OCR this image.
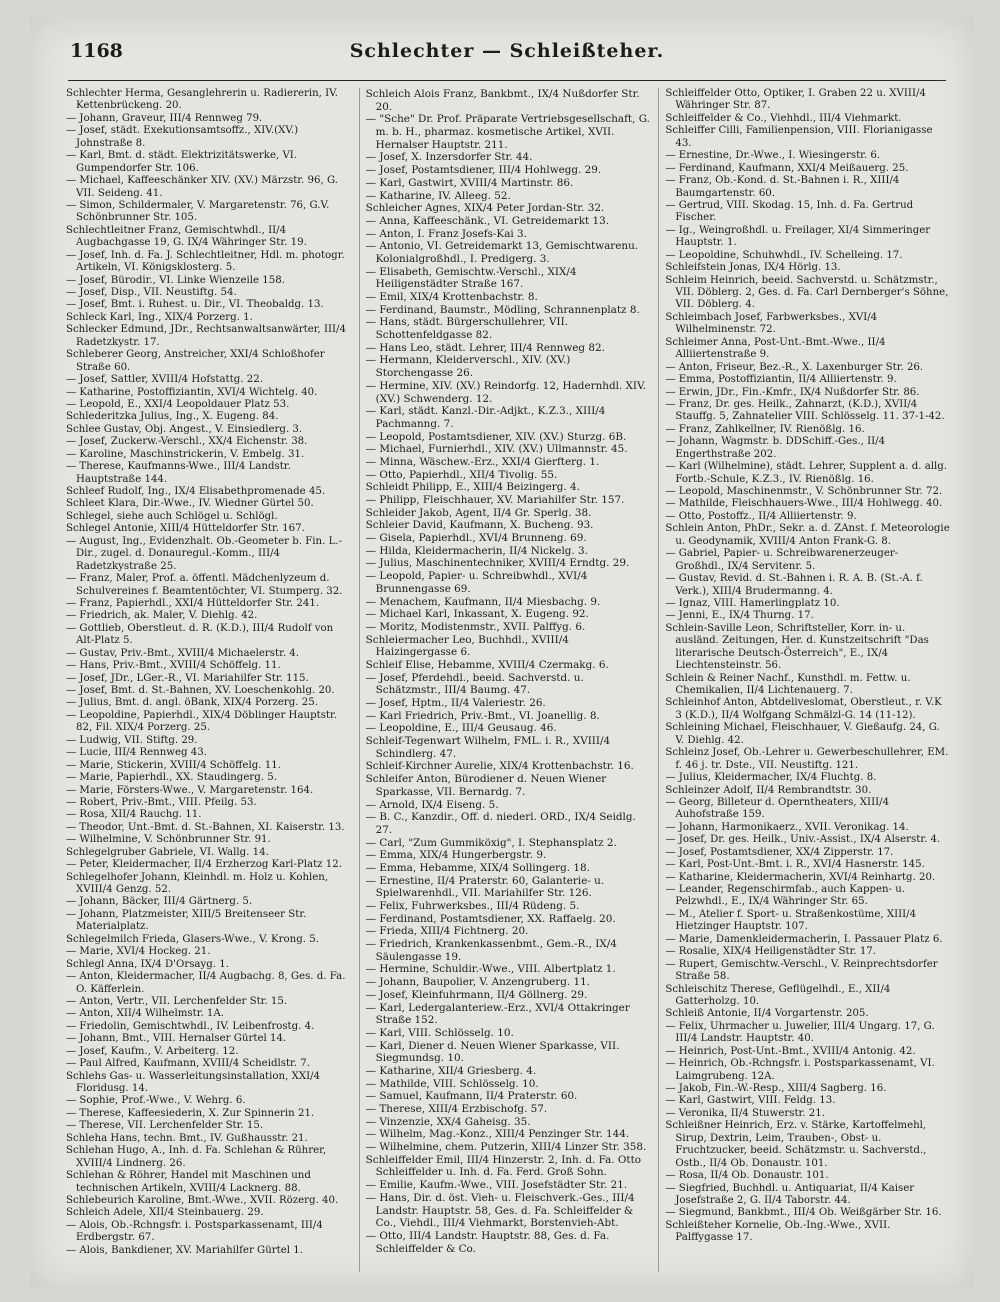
1168	Schlechter — Schleißteher.
Schlechter Herma, Gesanglehrerin u. Radiererin, IV. Kettenbrückeng. 20.
— Johann, Graveur, III/4 Rennweg 79.
— Josef, städt. Exekutionsamtsoffz., XIV.(XV.) Johnstraße 8.
— Karl, Bmt. d. städt. Elektrizitätswerke, VI. Gumpendorfer Str. 106.
— Michael, Kaffeeschänker XIV. (XV.) Märzstr. 96, G. VII. Seideng. 41.
— Simon, Schildermaler, V. Margaretenstr. 76, G.V. Schönbrunner Str. 105.
Schlechtleitner Franz, Gemischtwhdl., II/4 Augbachgasse 19, G. IX/4 Währinger Str. 19.
— Josef, Inh. d. Fa. J. Schlechtleitner, Hdl. m. photogr. Artikeln, VI. Königsklosterg. 5.
— Josef, Bürodir., VI. Linke Wienzeile 158.
— Josef, Disp., VII. Neustiftg. 54.
— Josef, Bmt. i. Ruhest. u. Dir., VI. Theobaldg. 13.
Schleck Karl, Ing., XIX/4 Porzerg. 1.
Schlecker Edmund, JDr., Rechtsanwaltsanwärter, III/4 Radetzkystr. 17.
Schleberer Georg, Anstreicher, XXI/4 Schloßhofer Straße 60.
— Josef, Sattler, XVIII/4 Hofstattg. 22.
— Katharine, Postoffiziantin, XVI/4 Wichtelg. 40.
— Leopold, E., XXI/4 Leopoldauer Platz 53.
Schlederitzka Julius, Ing., X. Eugeng. 84.
Schlee Gustav, Obj. Angest., V. Einsiedlerg. 3.
— Josef, Zuckerw.-Verschl., XX/4 Eichenstr. 38.
— Karoline, Maschinstrickerin, V. Embelg. 31.
— Therese, Kaufmanns-Wwe., III/4 Landstr. Hauptstraße 144.
Schleef Rudolf, Ing., IX/4 Elisabethpromenade 45.
Schleet Klara, Dir.-Wwe., IV. Wiedner Gürtel 50.
Schlegel, siehe auch Schlögel u. Schlögl.
Schlegel Antonie, XIII/4 Hütteldorfer Str. 167.
— August, Ing., Evidenzhalt. Ob.-Geometer b. Fin. L.-Dir., zugel. d. Donauregul.-Komm., III/4 Radetzkystraße 25.
— Franz, Maler, Prof. a. öffentl. Mädchenlyzeum d. Schulvereines f. Beamtentöchter, VI. Stumperg. 32.
— Franz, Papierhdl., XXI/4 Hütteldorfer Str. 241.
— Friedrich, ak. Maler, V. Diehlg. 42.
— Gottlieb, Oberstleut. d. R. (K.D.), III/4 Rudolf von Alt-Platz 5.
— Gustav, Priv.-Bmt., XVIII/4 Michaelerstr. 4.
— Hans, Priv.-Bmt., XVIII/4 Schöffelg. 11.
— Josef, JDr., LGer.-R., VI. Mariahilfer Str. 115.
— Josef, Bmt. d. St.-Bahnen, XV. Loeschenkohlg. 20.
— Julius, Bmt. d. angl. öBank, XIX/4 Porzerg. 25.
— Leopoldine, Papierhdl., XIX/4 Döblinger Hauptstr. 82, Fil. XIX/4 Porzerg. 25.
— Ludwig, VII. Stiftg. 29.
— Lucie, III/4 Rennweg 43.
— Marie, Stickerin, XVIII/4 Schöffelg. 11.
— Marie, Papierhdl., XX. Staudingerg. 5.
— Marie, Försters-Wwe., V. Margaretenstr. 164.
— Robert, Priv.-Bmt., VIII. Pfeilg. 53.
— Rosa, XII/4 Rauchg. 11.
— Theodor, Unt.-Bmt. d. St.-Bahnen, XI. Kaiserstr. 13.
— Wilhelmine, V. Schönbrunner Str. 91.
Schlegelgruber Gabriele, VI. Wallg. 14.
— Peter, Kleidermacher, II/4 Erzherzog Karl-Platz 12.
Schlegelhofer Johann, Kleinhdl. m. Holz u. Kohlen, XVIII/4 Genzg. 52.
— Johann, Bäcker, III/4 Gärtnerg. 5.
— Johann, Platzmeister, XIII/5 Breitenseer Str. Materialplatz.
Schlegelmilch Frieda, Glasers-Wwe., V. Krong. 5.
— Marie, XVI/4 Hockeg. 21.
Schlegl Anna, IX/4 D'Orsayg. 1.
— Anton, Kleidermacher, II/4 Augbachg. 8, Ges. d. Fa. O. Käfferlein.
— Anton, Vertr., VII. Lerchenfelder Str. 15.
— Anton, XII/4 Wilhelmstr. 1A.
— Friedolin, Gemischtwhdl., IV. Leibenfrostg. 4.
— Johann, Bmt., VIII. Hernalser Gürtel 14.
— Josef, Kaufm., V. Arbeiterg. 12.
— Paul Alfred, Kaufmann, XVIII/4 Scheidlstr. 7.
Schlehs Gas- u. Wasserleitungsinstallation, XXI/4 Floridusg. 14.
— Sophie, Prof.-Wwe., V. Wehrg. 6.
— Therese, Kaffeesiederin, X. Zur Spinnerin 21.
— Therese, VII. Lerchenfelder Str. 15.
Schleha Hans, techn. Bmt., IV. Gußhausstr. 21.
Schlehan Hugo, A., Inh. d. Fa. Schlehan & Rührer, XVIII/4 Lindnerg. 26.
Schlehan & Röhrer, Handel mit Maschinen und technischen Artikeln, XVIII/4 Lacknerg. 88.
Schlebeurich Karoline, Bmt.-Wwe., XVII. Rözerg. 40.
Schleich Adele, XII/4 Steinbauerg. 29.
— Alois, Ob.-Rchngsfr. i. Postsparkassenamt, III/4 Erdbergstr. 67.
— Alois, Bankdiener, XV. Mariahilfer Gürtel 1.
Schleich Alois Franz, Bankbmt., IX/4 Nußdorfer Str. 20.
— "Sche" Dr. Prof. Präparate Vertriebsgesellschaft, G. m. b. H., pharmaz. kosmetische Artikel, XVII. Hernalser Hauptstr. 211.
— Josef, X. Inzersdorfer Str. 44.
— Josef, Postamtsdiener, III/4 Hohlwegg. 29.
— Karl, Gastwirt, XVIII/4 Martinstr. 86.
— Katharine, IV. Alleeg. 52.
Schleicher Agnes, XIX/4 Peter Jordan-Str. 32.
— Anna, Kaffeeschänk., VI. Getreidemarkt 13.
— Anton, I. Franz Josefs-Kai 3.
— Antonio, VI. Getreidemarkt 13, Gemischtwarenu. Kolonialgroßhdl., I. Predigerg. 3.
— Elisabeth, Gemischtw.-Verschl., XIX/4 Heiligenstädter Straße 167.
— Emil, XIX/4 Krottenbachstr. 8.
— Ferdinand, Baumstr., Mödling, Schrannenplatz 8.
— Hans, städt. Bürgerschullehrer, VII. Schottenfeldgasse 82.
— Hans Leo, städt. Lehrer, III/4 Rennweg 82.
— Hermann, Kleiderverschl., XIV. (XV.) Storchengasse 26.
— Hermine, XIV. (XV.) Reindorfg. 12, Hadernhdl. XIV. (XV.) Schwenderg. 12.
— Karl, städt. Kanzl.-Dir.-Adjkt., K.Z.3., XIII/4 Pachmanng. 7.
— Leopold, Postamtsdiener, XIV. (XV.) Sturzg. 6B.
— Michael, Furnierhdl., XIV. (XV.) Ullmannstr. 45.
— Minna, Wäschew.-Erz., XXI/4 Gierfterg. 1.
— Otto, Papierhdl., XII/4 Tivolig. 55.
Schleidt Philipp, E., XIII/4 Beizingerg. 4.
— Philipp, Fleischhauer, XV. Mariahilfer Str. 157.
Schleider Jakob, Agent, II/4 Gr. Sperlg. 38.
Schleier David, Kaufmann, X. Bucheng. 93.
— Gisela, Papierhdl., XVI/4 Brunneng. 69.
— Hilda, Kleidermacherin, II/4 Nickelg. 3.
— Julius, Maschinentechniker, XVIII/4 Erndtg. 29.
— Leopold, Papier- u. Schreibwhdl., XVI/4 Brunnengasse 69.
— Menachem, Kaufmann, II/4 Miesbachg. 9.
— Michael Karl, Inkassant, X. Eugeng. 92.
— Moritz, Modistenmstr., XVII. Palffyg. 6.
Schleiermacher Leo, Buchhdl., XVIII/4 Haizingergasse 6.
Schleif Elise, Hebamme, XVIII/4 Czermakg. 6.
— Josef, Pferdehdl., beeid. Sachverstd. u. Schätzmstr., III/4 Baumg. 47.
— Josef, Hptm., II/4 Valeriestr. 26.
— Karl Friedrich, Priv.-Bmt., VI. Joanellig. 8.
— Leopoldine, E., III/4 Geusaug. 46.
Schleif-Tegenwart Wilhelm, FML. i. R., XVIII/4 Schindlerg. 47.
Schleif-Kirchner Aurelie, XIX/4 Krottenbachstr. 16.
Schleifer Anton, Bürodiener d. Neuen Wiener Sparkasse, VII. Bernardg. 7.
— Arnold, IX/4 Eiseng. 5.
— B. C., Kanzdir., Off. d. niederl. ORD., IX/4 Seidlg. 27.
— Carl, "Zum Gummiköxig", I. Stephansplatz 2.
— Emma, XIX/4 Hungerbergstr. 9.
— Emma, Hebamme, XIX/4 Sollingerg. 18.
— Ernestine, II/4 Praterstr. 60, Galanterie- u. Spielwarenhdl., VII. Mariahilfer Str. 126.
— Felix, Fuhrwerksbes., III/4 Rüdeng. 5.
— Ferdinand, Postamtsdiener, XX. Raffaelg. 20.
— Frieda, XIII/4 Fichtnerg. 20.
— Friedrich, Krankenkassenbmt., Gem.-R., IX/4 Säulengasse 19.
— Hermine, Schuldir.-Wwe., VIII. Albertplatz 1.
— Johann, Baupolier, V. Anzengruberg. 11.
— Josef, Kleinfuhrmann, II/4 Göllnerg. 29.
— Karl, Ledergalanteriew.-Erz., XVI/4 Ottakringer Straße 152.
— Karl, VIII. Schlösselg. 10.
— Karl, Diener d. Neuen Wiener Sparkasse, VII. Siegmundsg. 10.
— Katharine, XII/4 Griesberg. 4.
— Mathilde, VIII. Schlösselg. 10.
— Samuel, Kaufmann, II/4 Praterstr. 60.
— Therese, XIII/4 Erzbischofg. 57.
— Vinzenzie, XX/4 Gaheisg. 35.
— Wilhelm, Mag.-Konz., XIII/4 Penzinger Str. 144.
— Wilhelmine, chem. Putzerin, XIII/4 Linzer Str. 358.
Schleiffelder Emil, III/4 Hinzerstr. 2, Inh. d. Fa. Otto Schleiffelder u. Inh. d. Fa. Ferd. Groß Sohn.
— Emilie, Kaufm.-Wwe., VIII. Josefstädter Str. 21.
— Hans, Dir. d. öst. Vieh- u. Fleischverk.-Ges., III/4 Landstr. Hauptstr. 58, Ges. d. Fa. Schleiffelder & Co., Viehdl., III/4 Viehmarkt, Borstenvieh-Abt.
— Otto, III/4 Landstr. Hauptstr. 88, Ges. d. Fa. Schleiffelder & Co.
Schleiffelder Otto, Optiker, I. Graben 22 u. XVIII/4 Währinger Str. 87.
Schleiffelder & Co., Viehhdl., III/4 Viehmarkt.
Schleiffer Cilli, Familienpension, VIII. Florianigasse 43.
— Ernestine, Dr.-Wwe., I. Wiesingerstr. 6.
— Ferdinand, Kaufmann, XXI/4 Meißauerg. 25.
— Franz, Ob.-Kond. d. St.-Bahnen i. R., XIII/4 Baumgartenstr. 60.
— Gertrud, VIII. Skodag. 15, Inh. d. Fa. Gertrud Fischer.
— Ig., Weingroßhdl. u. Freilager, XI/4 Simmeringer Hauptstr. 1.
— Leopoldine, Schuhwhdl., IV. Schelleing. 17.
Schleifstein Jonas, IX/4 Hörlg. 13.
Schleim Heinrich, beeid. Sachverstd. u. Schätzmstr., VII. Döblerg. 2, Ges. d. Fa. Carl Dernberger's Söhne, VII. Döblerg. 4.
Schleimbach Josef, Farbwerksbes., XVI/4 Wilhelminenstr. 72.
Schleimer Anna, Post-Unt.-Bmt.-Wwe., II/4 Alliiertenstraße 9.
— Anton, Friseur, Bez.-R., X. Laxenburger Str. 26.
— Emma, Postoffiziantin, II/4 Alliiertenstr. 9.
— Erwin, JDr., Fin.-Kmfr., IX/4 Nußdorfer Str. 86.
— Franz, Dr. ges. Heilk., Zahnarzt, (K.D.), XVII/4 Stauffg. 5, Zahnatelier VIII. Schlösselg. 11. 37-1-42.
— Franz, Zahlkellner, IV. Rienößlg. 16.
— Johann, Wagmstr. b. DDSchiff.-Ges., II/4 Engerthstraße 202.
— Karl (Wilhelmine), städt. Lehrer, Supplent a. d. allg. Fortb.-Schule, K.Z.3., IV. Rienößlg. 16.
— Leopold, Maschinenmstr., V. Schönbrunner Str. 72.
— Mathilde, Fleischhauers-Wwe., III/4 Hohlwegg. 40.
— Otto, Postoffz., II/4 Alliiertenstr. 9.
Schlein Anton, PhDr., Sekr. a. d. ZAnst. f. Meteorologie u. Geodynamik, XVIII/4 Anton Frank-G. 8.
— Gabriel, Papier- u. Schreibwarenerzeuger- Großhdl., IX/4 Servitenr. 5.
— Gustav, Revid. d. St.-Bahnen i. R. A. B. (St.-A. f. Verk.), XIII/4 Brudermanng. 4.
— Ignaz, VIII. Hamerlingplatz 10.
— Jenni, E., IX/4 Thurng. 17.
Schlein-Saville Leon, Schriftsteller, Korr. in- u. ausländ. Zeitungen, Her. d. Kunstzeitschrift "Das literarische Deutsch-Österreich", E., IX/4 Liechtensteinstr. 56.
Schlein & Reiner Nachf., Kunsthdl. m. Fettw. u. Chemikalien, II/4 Lichtenauerg. 7.
Schleinhof Anton, Abtdeliveslomat, Oberstleut., r. V.K 3 (K.D.), II/4 Wolfgang Schmälzl-G. 14 (11-12).
Schleining Michael, Fleischhauer, V. Gießaufg. 24, G. V. Diehlg. 42.
Schleinz Josef, Ob.-Lehrer u. Gewerbeschullehrer, EM. f. 46 j. tr. Dste., VII. Neustiftg. 121.
— Julius, Kleidermacher, IX/4 Fluchtg. 8.
Schleinzer Adolf, II/4 Rembrandtstr. 30.
— Georg, Billeteur d. Operntheaters, XIII/4 Auhofstraße 159.
— Johann, Harmonikaerz., XVII. Veronikag. 14.
— Josef, Dr. ges. Heilk., Univ.-Assist., IX/4 Alserstr. 4.
— Josef, Postamtsdiener, XX/4 Zipperstr. 17.
— Karl, Post-Unt.-Bmt. i. R., XVI/4 Hasnerstr. 145.
— Katharine, Kleidermacherin, XVI/4 Reinhartg. 20.
— Leander, Regenschirmfab., auch Kappen- u. Pelzwhdl., E., IX/4 Währinger Str. 65.
— M., Atelier f. Sport- u. Straßenkostüme, XIII/4 Hietzinger Hauptstr. 107.
— Marie, Damenkleidermacherin, I. Passauer Platz 6.
— Rosalie, XIX/4 Heiligenstädter Str. 17.
— Rupert, Gemischtw.-Verschl., V. Reinprechtsdorfer Straße 58.
Schleischitz Therese, Geflügelhdl., E., XII/4 Gatterholzg. 10.
Schleiß Antonie, II/4 Vorgartenstr. 205.
— Felix, Uhrmacher u. Juwelier, III/4 Ungarg. 17, G. III/4 Landstr. Hauptstr. 40.
— Heinrich, Post-Unt.-Bmt., XVIII/4 Antonig. 42.
— Heinrich, Ob.-Rchngsfr. i. Postsparkassenamt, VI. Laimgrubeng. 12A.
— Jakob, Fin.-W.-Resp., XIII/4 Sagberg. 16.
— Karl, Gastwirt, VIII. Feldg. 13.
— Veronika, II/4 Stuwerstr. 21.
Schleißner Heinrich, Erz. v. Stärke, Kartoffelmehl, Sirup, Dextrin, Leim, Trauben-, Obst- u. Fruchtzucker, beeid. Schätzmstr. u. Sachverstd., Ostb., II/4 Ob. Donaustr. 101.
— Rosa, II/4 Ob. Donaustr. 101.
— Siegfried, Buchhdl. u. Antiquariat, II/4 Kaiser Josefstraße 2, G. II/4 Taborstr. 44.
— Siegmund, Bankbmt., III/4 Ob. Weißgärber Str. 16.
Schleißteher Kornelie, Ob.-Ing.-Wwe., XVII. Palffygasse 17.
